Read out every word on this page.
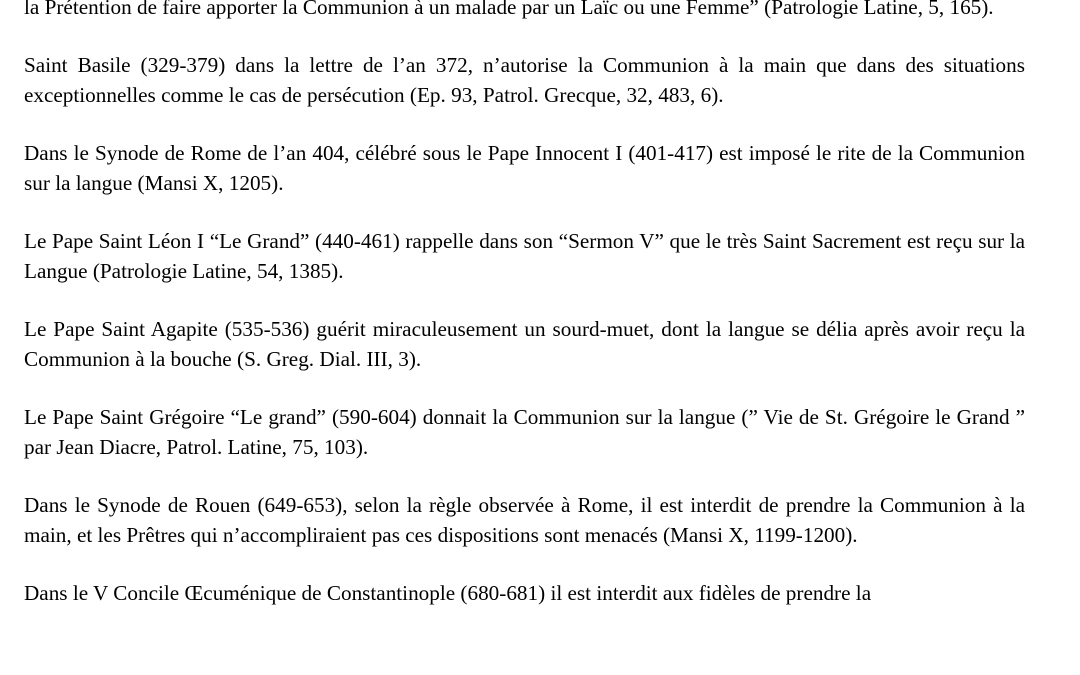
la Prétention de faire apporter la Communion à un malade par un Laïc ou une Femme” (Patrologie Latine, 5, 165).

Saint Basile (329-379) dans la lettre de l’an 372, n’autorise la Communion à la main que dans des situations exceptionnelles comme le cas de persécution (Ep. 93, Patrol. Grecque, 32, 483, 6).

Dans le Synode de Rome de l’an 404, célébré sous le Pape Innocent I (401-417) est imposé le rite de la Communion sur la langue (Mansi X, 1205).

Le Pape Saint Léon I “Le Grand” (440-461) rappelle dans son “Sermon V” que le très Saint Sacrement est reçu sur la Langue (Patrologie Latine, 54, 1385).

Le Pape Saint Agapite (535-536) guérit miraculeusement un sourd-muet, dont la langue se délia après avoir reçu la Communion à la bouche (S. Greg. Dial. III, 3).

Le Pape Saint Grégoire “Le grand” (590-604) donnait la Communion sur la langue (” Vie de St. Grégoire le Grand ” par Jean Diacre, Patrol. Latine, 75, 103).

Dans le Synode de Rouen (649-653), selon la règle observée à Rome, il est interdit de prendre la Communion à la main, et les Prêtres qui n’accompliraient pas ces dispositions sont menacés (Mansi X, 1199-1200).

Dans le V Concile Œcuménique de Constantinople (680-681) il est interdit aux fidèles de prendre la
